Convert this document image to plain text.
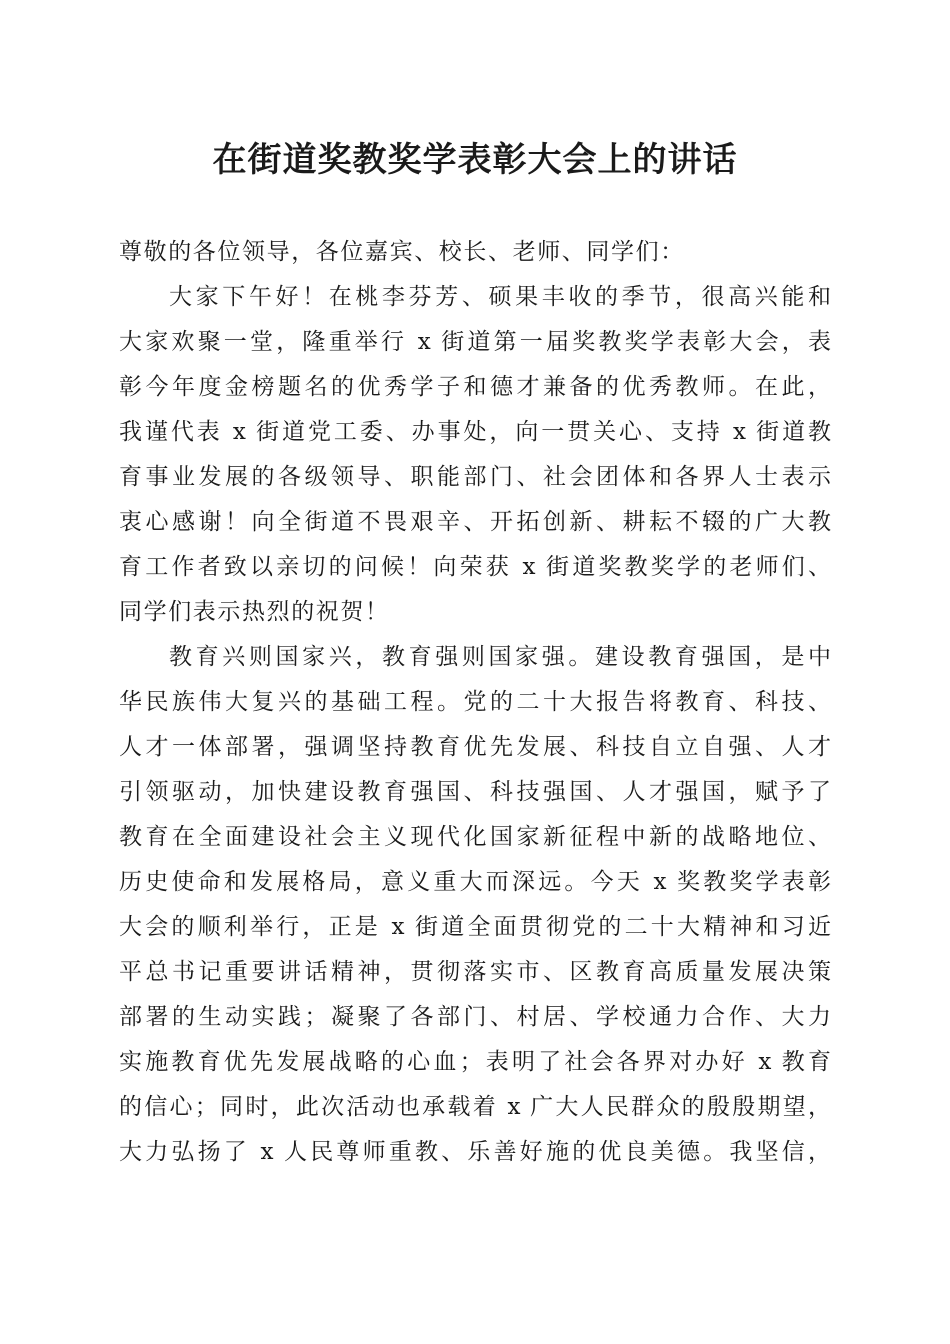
在街道奖教奖学表彰大会上的讲话
尊敬的各位领导，各位嘉宾、校长、老师、同学们：
大家下午好！在桃李芬芳、硕果丰收的季节，很高兴能和
大家欢聚一堂，隆重举行 x 街道第一届奖教奖学表彰大会，表
彰今年度金榜题名的优秀学子和德才兼备的优秀教师。在此，
我谨代表 x 街道党工委、办事处，向一贯关心、支持 x 街道教
育事业发展的各级领导、职能部门、社会团体和各界人士表示
衷心感谢！向全街道不畏艰辛、开拓创新、耕耘不辍的广大教
育工作者致以亲切的问候！向荣获 x 街道奖教奖学的老师们、
同学们表示热烈的祝贺！
教育兴则国家兴，教育强则国家强。建设教育强国，是中
华民族伟大复兴的基础工程。党的二十大报告将教育、科技、
人才一体部署，强调坚持教育优先发展、科技自立自强、人才
引领驱动，加快建设教育强国、科技强国、人才强国，赋予了
教育在全面建设社会主义现代化国家新征程中新的战略地位、
历史使命和发展格局，意义重大而深远。今天 x 奖教奖学表彰
大会的顺利举行，正是 x 街道全面贯彻党的二十大精神和习近
平总书记重要讲话精神，贯彻落实市、区教育高质量发展决策
部署的生动实践；凝聚了各部门、村居、学校通力合作、大力
实施教育优先发展战略的心血；表明了社会各界对办好 x 教育
的信心；同时，此次活动也承载着 x 广大人民群众的殷殷期望，
大力弘扬了 x 人民尊师重教、乐善好施的优良美德。我坚信，
